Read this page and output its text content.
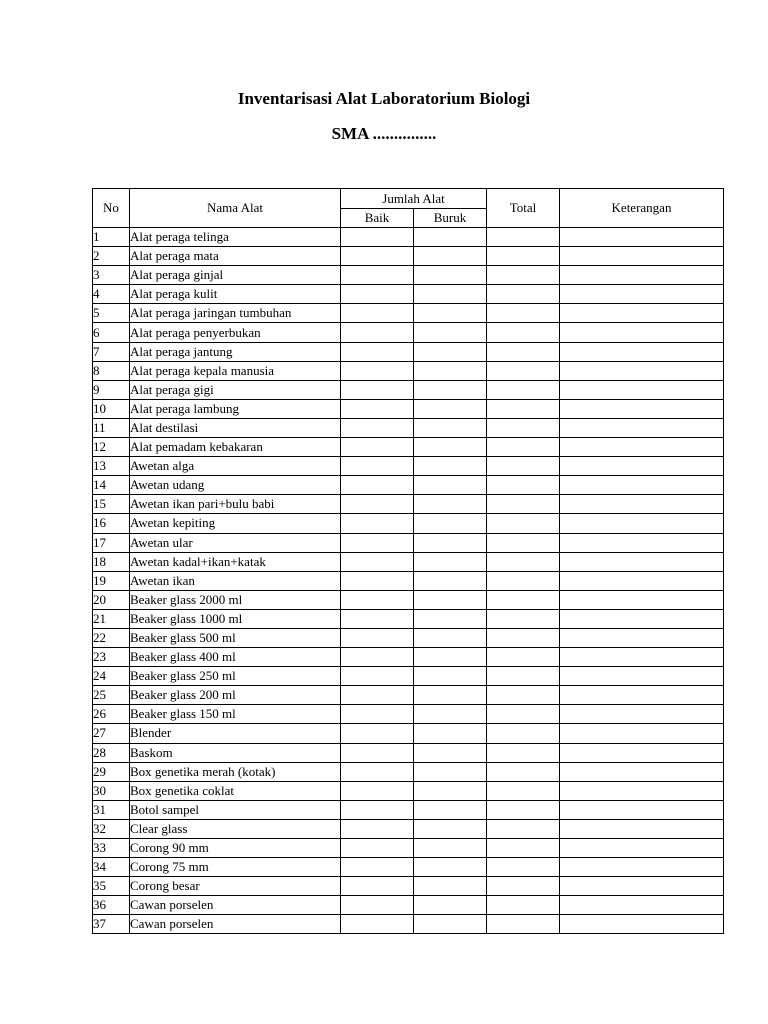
Inventarisasi Alat Laboratorium Biologi
SMA ...............
No	Nama Alat	Jumlah Alat		Total	Keterangan
		Baik	Buruk		
1	Alat peraga telinga				
2	Alat peraga mata				
3	Alat peraga ginjal				
4	Alat peraga kulit				
5	Alat peraga jaringan tumbuhan				
6	Alat peraga penyerbukan				
7	Alat peraga jantung				
8	Alat peraga kepala manusia				
9	Alat peraga gigi				
10	Alat peraga lambung				
11	Alat destilasi				
12	Alat pemadam kebakaran				
13	Awetan alga				
14	Awetan udang				
15	Awetan ikan pari+bulu babi				
16	Awetan kepiting				
17	Awetan ular				
18	Awetan kadal+ikan+katak				
19	Awetan ikan				
20	Beaker glass 2000 ml				
21	Beaker glass 1000 ml				
22	Beaker glass 500 ml				
23	Beaker glass 400 ml				
24	Beaker glass 250 ml				
25	Beaker glass 200 ml				
26	Beaker glass 150 ml				
27	Blender				
28	Baskom				
29	Box genetika merah (kotak)				
30	Box genetika coklat				
31	Botol sampel				
32	Clear glass				
33	Corong 90 mm				
34	Corong 75 mm				
35	Corong besar				
36	Cawan porselen				
37	Cawan porselen				
